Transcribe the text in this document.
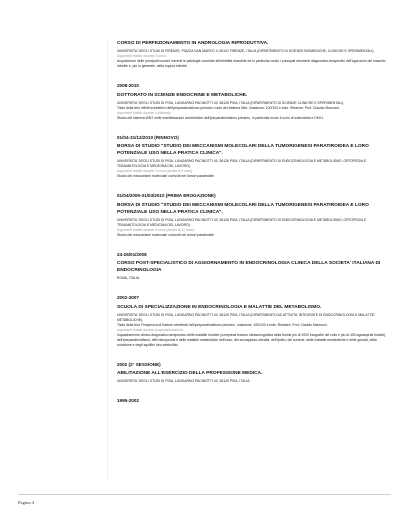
CORSO DI PERFEZIONAMENTO IN ANDROLOGIA RIPRODUTTIVA.

UNIVERSITA' DEGLI STUDI DI FIRENZE, PIAZZA SAN MARCO 4, 50121 FIRENZE, ITALIA (DIPARTIMENTO DI SCIENZE BIOMEDICHE, CLINICHE E SPERIMENTALI).

Argomenti trattati durante il corso:

Acquisizione delle principali nozioni inerenti le patologie correlate all'infertilità maschile ed in particolar modo i principali strumenti diagnostico-terapeutici dell'approccio del maschio infertile e, più in generale, della coppia infertile.

2008-2010

DOTTORATO IN SCIENZE ENDOCRINE E METABOLICHE.

UNIVERSITA' DEGLI STUDI DI PISA, LUNGARNO PACINOTTI 43, 56126 PISA, ITALIA (DIPARTIMENTO DI SCIENZE CLINICHE E SPERIMENTALI).

Titolo della tesi: effetti scheletrici dell'iperparatiroidismo primario: ruolo del sistema Wnt. Votazione: 100/100 e lode. Relatore: Prof. Claudio Marcocci.

Argomenti trattati durante il dottorato:

Studio del sistema WNT nelle manifestazioni scheletriche dell'iperparatiroidismo primario, in particolar modo il ruolo di sclerostina e DKK1.

01/04-31/12/2010 (RINNOVO)

BORSA DI STUDIO "STUDIO DEI MECCANISMI MOLECOLARI DELLA TUMORIGENESI PARATIROIDEA E LORO POTENZIALE USO NELLA PRATICA CLINICA".

UNIVERSITA' DEGLI STUDI DI PISA, LUNGARNO PACINOTTI 43, 56126 PISA, ITALIA (DIPARTIMENTO DI ENDOCRINOLOGIA E METABOLISMO, ORTOPEDIA E TRAUMATOLOGIA E MEDICINA DEL LAVORO).

Argomenti trattati durante il corso (durata di 9 mesi):

Studio dei meccanismi molecolari coinvolti nei tumori paratiroidei

01/04/2009-31/03/2010 (PRIMA EROGAZIONE)

BORSA DI STUDIO "STUDIO DEI MECCANISMI MOLECOLARI DELLA TUMORIGENESI PARATIROIDEA E LORO POTENZIALE USO NELLA PRATICA CLINICA".

UNIVERSITA' DEGLI STUDI DI PISA, LUNGARNO PACINOTTI 43, 56126 PISA, ITALIA (DIPARTIMENTO DI ENDOCRINOLOGIA E METABOLISMO, ORTOPEDIA E TRAUMATOLOGIA E MEDICINA DEL LAVORO).

Argomenti trattati durante il corso (durata di 12 mesi):

Studio dei meccanismi molecolari coinvolti nei tumori paratiroidei

24-26/01/2008

CORSO POST-SPECIALISTICO DI AGGIORNAMENTO IN ENDOCRINOLOGIA CLINICA DELLA SOCIETA' ITALIANA DI ENDOCRINOLOGIA

ROMA, ITALIA.

2002-2007

SCUOLA DI SPECIALIZZAZIONE IN ENDOCRINOLOGIA E MALATTIE DEL METABOLISMO.

UNIVERSITA' DEGLI STUDI DI PISA, LUNGARNO PACINOTTI 43, 56126 PISA, ITALIA (DIPARTIMENTO AD ATTIVITA' INTEGRATE DI ENDOCRINOLOGIA E MALATTIE METABOLICHE).

Titolo della tesi: Frequenza di fratture vertebrali nell'iperparatiroidismo primario. Votazione: 100/100 e lode. Relatore: Prof. Claudio Marcocci.

Argomenti trattati durante la specializzazione:

Inquadramento clinico-diagnostico-terapeutico delle malattie tiroidee (compresa lezione ultrasonografica della tiroide più di 2000 ecografie del collo e più di 400 agoaspirati tiroidei), dell'iperparatiroidismo, dell'osteoporosi e delle malattie metaboliche dell'osso, del sovrappeso-obesità, dell'ipofisi, del surrene, delle malattie metaboliche e delle gonadi, della nutrizione e degli squilibri idro-elettrolitici.

2002 (2° SESSIONE)

ABILITAZIONE ALL'ESERCIZIO DELLA PROFESSIONE MEDICA.

UNIVERSITA' DEGLI STUDI DI PISA, LUNGARNO PACINOTTI 43, 56126 PISA, ITALIA.

1995-2002

Pagina 4
